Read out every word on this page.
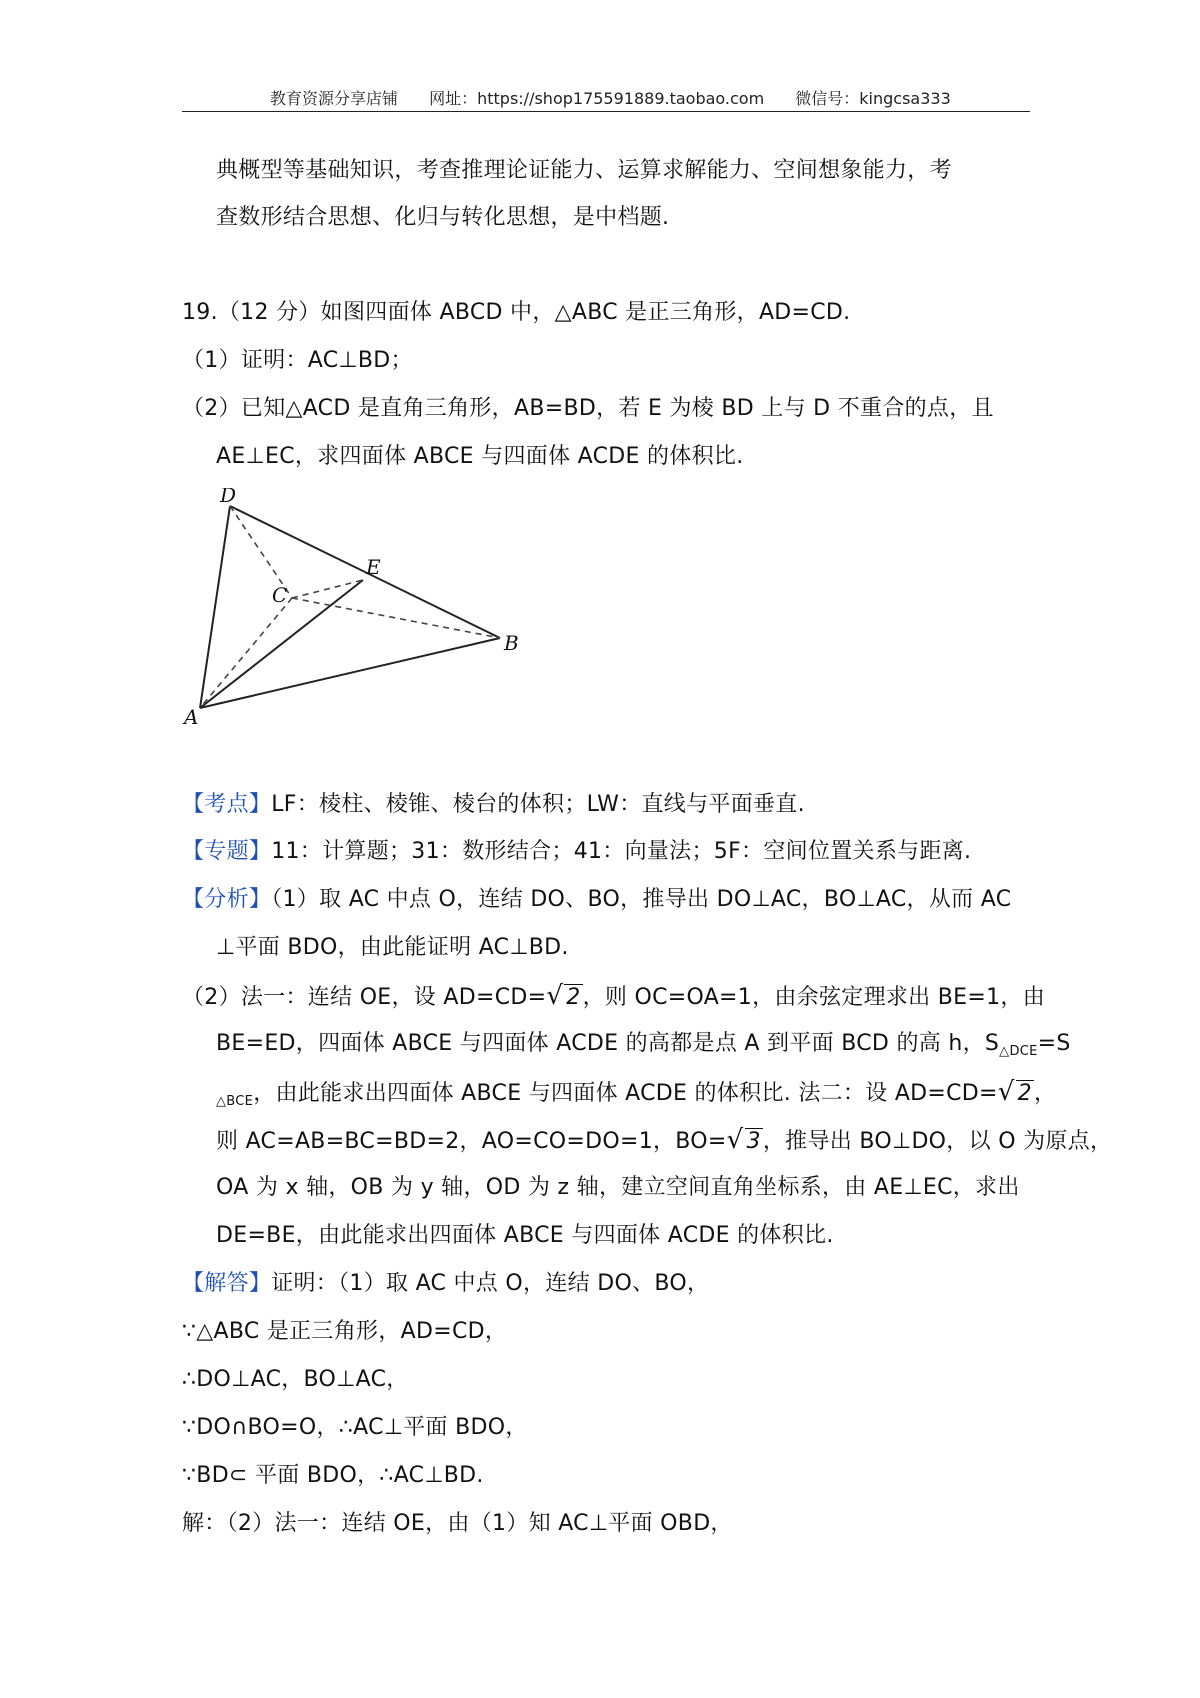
教育资源分享店铺 网址：https://shop175591889.taobao.com 微信号：kingcsa333
典概型等基础知识，考查推理论证能力、运算求解能力、空间想象能力，考
查数形结合思想、化归与转化思想，是中档题.
19.（12 分）如图四面体 ABCD 中，△ABC 是正三角形，AD=CD.
（1）证明：AC⊥BD；
（2）已知△ACD 是直角三角形，AB=BD，若 E 为棱 BD 上与 D 不重合的点，且
AE⊥EC，求四面体 ABCE 与四面体 ACDE 的体积比.
D
E
C
B
A
【考点】LF：棱柱、棱锥、棱台的体积；LW：直线与平面垂直.
【专题】11：计算题；31：数形结合；41：向量法；5F：空间位置关系与距离.
【分析】（1）取 AC 中点 O，连结 DO、BO，推导出 DO⊥AC，BO⊥AC，从而 AC
⊥平面 BDO，由此能证明 AC⊥BD.
（2）法一：连结 OE，设 AD=CD=√ 2，则 OC=OA=1，由余弦定理求出 BE=1，由
BE=ED，四面体 ABCE 与四面体 ACDE 的高都是点 A 到平面 BCD 的高 h，$S_{\triangle DCE}=S$
$_{\triangle BCE}$，由此能求出四面体 ABCE 与四面体 ACDE 的体积比. 法二：设 AD=CD=√ 2，
则 AC=AB=BC=BD=2，AO=CO=DO=1，BO=√ 3，推导出 BO⊥DO，以 O 为原点，
OA 为 x 轴，OB 为 y 轴，OD 为 z 轴，建立空间直角坐标系，由 AE⊥EC，求出
DE=BE，由此能求出四面体 ABCE 与四面体 ACDE 的体积比.
【解答】证明：（1）取 AC 中点 O，连结 DO、BO，
∵△ABC 是正三角形，AD=CD，
∴DO⊥AC，BO⊥AC，
∵DO∩BO=O，∴AC⊥平面 BDO，
∵BD⊂ 平面 BDO，∴AC⊥BD.
解：（2）法一：连结 OE，由（1）知 AC⊥平面 OBD，
